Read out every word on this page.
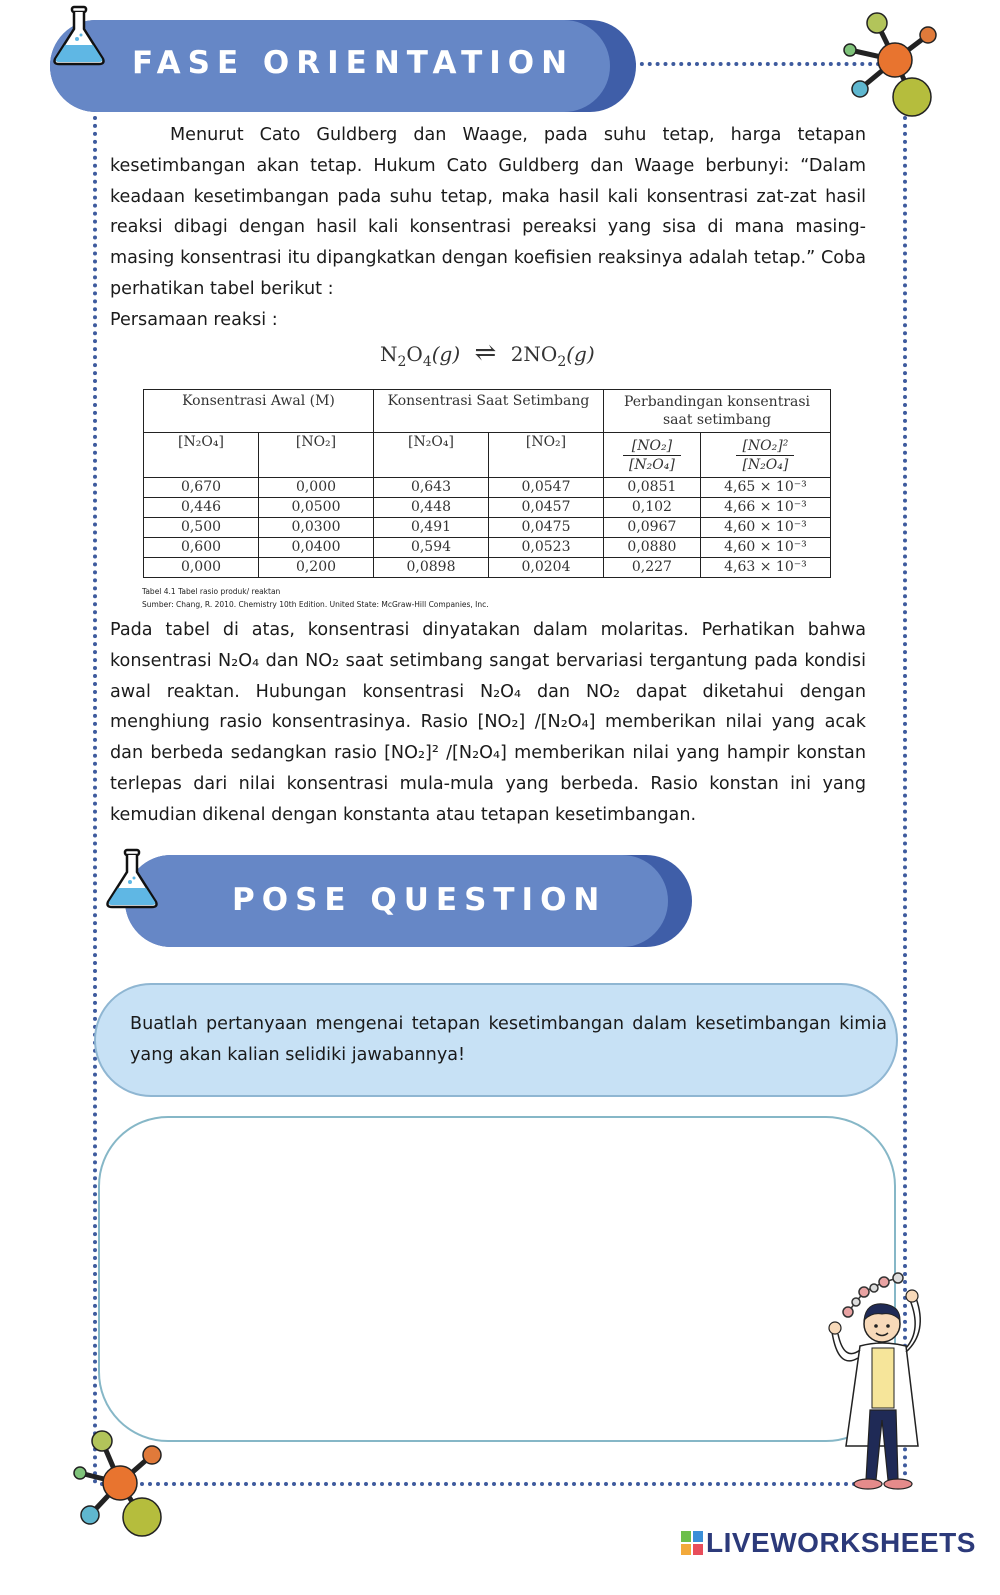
FASE ORIENTATION

Menurut Cato Guldberg dan Waage, pada suhu tetap, harga tetapan kesetimbangan akan tetap. Hukum Cato Guldberg dan Waage berbunyi: “Dalam keadaan kesetimbangan pada suhu tetap, maka hasil kali konsentrasi zat-zat hasil reaksi dibagi dengan hasil kali konsentrasi pereaksi yang sisa di mana masing- masing konsentrasi itu dipangkatkan dengan koefisien reaksinya adalah tetap.” Coba perhatikan tabel berikut :

Persamaan reaksi :

$N_2O_4(g)$ ⇌ $2NO_2(g)$
Konsentrasi Awal (M)		Konsentrasi Saat Setimbang		Perbandingan konsentrasi saat setimbang	
[N₂O₄]	[NO₂]	[N₂O₄]	[NO₂]	$\frac{\text{[NO₂]}}{\text{[N₂O₄]}}$	$\frac{\text{[NO₂]²}}{\text{[N₂O₄]}}$

0,670	0,000	0,643	0,0547	0,0851	4,65 × 10⁻³
0,446	0,0500	0,448	0,0457	0,102	4,66 × 10⁻³
0,500	0,0300	0,491	0,0475	0,0967	4,60 × 10⁻³
0,600	0,0400	0,594	0,0523	0,0880	4,60 × 10⁻³
0,000	0,200	0,0898	0,0204	0,227	4,63 × 10⁻³
Tabel 4.1 Tabel rasio produk/ reaktan
Sumber: Chang, R. 2010. Chemistry 10th Edition. United State: McGraw-Hill Companies, Inc.

Pada tabel di atas, konsentrasi dinyatakan dalam molaritas. Perhatikan bahwa konsentrasi N₂O₄ dan NO₂ saat setimbang sangat bervariasi tergantung pada kondisi awal reaktan. Hubungan konsentrasi N₂O₄ dan NO₂ dapat diketahui dengan menghiung rasio konsentrasinya. Rasio [NO₂] /[N₂O₄] memberikan nilai yang acak dan berbeda sedangkan rasio [NO₂]² /[N₂O₄] memberikan nilai yang hampir konstan terlepas dari nilai konsentrasi mula-mula yang berbeda. Rasio konstan ini yang kemudian dikenal dengan konstanta atau tetapan kesetimbangan.

POSE QUESTION
Buatlah pertanyaan mengenai tetapan kesetimbangan dalam kesetimbangan kimia yang akan kalian selidiki jawabannya!
LIVEWORKSHEETS
